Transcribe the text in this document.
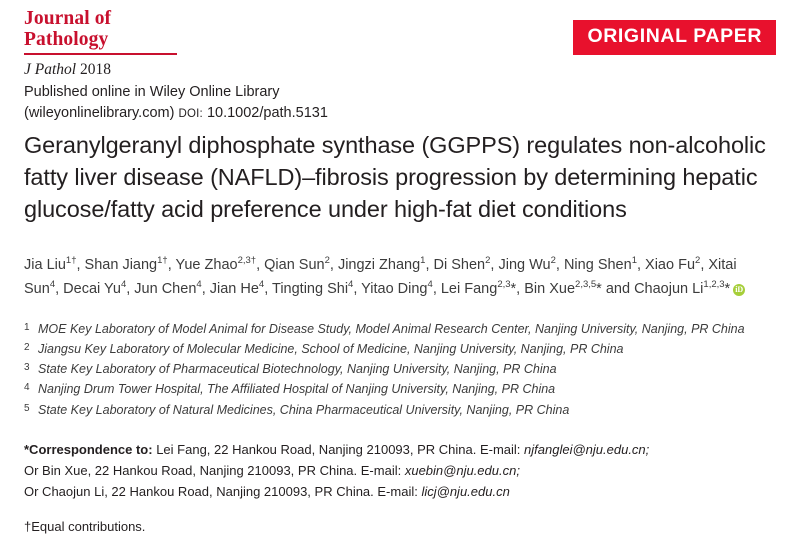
Journal of Pathology
J Pathol 2018
Published online in Wiley Online Library
(wileyonlinelibrary.com) DOI: 10.1002/path.5131
ORIGINAL PAPER
Geranylgeranyl diphosphate synthase (GGPPS) regulates non‐alcoholic fatty liver disease (NAFLD)–fibrosis progression by determining hepatic glucose/fatty acid preference under high‐fat diet conditions
Jia Liu$^{1\dagger}$, Shan Jiang$^{1\dagger}$, Yue Zhao$^{2,3\dagger}$, Qian Sun$^2$, Jingzi Zhang$^1$, Di Shen$^2$, Jing Wu$^2$, Ning Shen$^1$, Xiao Fu$^2$, Xitai Sun$^4$, Decai Yu$^4$, Jun Chen$^4$, Jian He$^4$, Tingting Shi$^4$, Yitao Ding$^4$, Lei Fang$^{2,3}$*, Bin Xue$^{2,3,5}$* and Chaojun Li$^{1,2,3}$* iD
1 MOE Key Laboratory of Model Animal for Disease Study, Model Animal Research Center, Nanjing University, Nanjing, PR China
2 Jiangsu Key Laboratory of Molecular Medicine, School of Medicine, Nanjing University, Nanjing, PR China
3 State Key Laboratory of Pharmaceutical Biotechnology, Nanjing University, Nanjing, PR China
4 Nanjing Drum Tower Hospital, The Affiliated Hospital of Nanjing University, Nanjing, PR China
5 State Key Laboratory of Natural Medicines, China Pharmaceutical University, Nanjing, PR China
*Correspondence to: Lei Fang, 22 Hankou Road, Nanjing 210093, PR China. E-mail: njfanglei@nju.edu.cn;
Or Bin Xue, 22 Hankou Road, Nanjing 210093, PR China. E-mail: xuebin@nju.edu.cn;
Or Chaojun Li, 22 Hankou Road, Nanjing 210093, PR China. E-mail: licj@nju.edu.cn
†Equal contributions.
